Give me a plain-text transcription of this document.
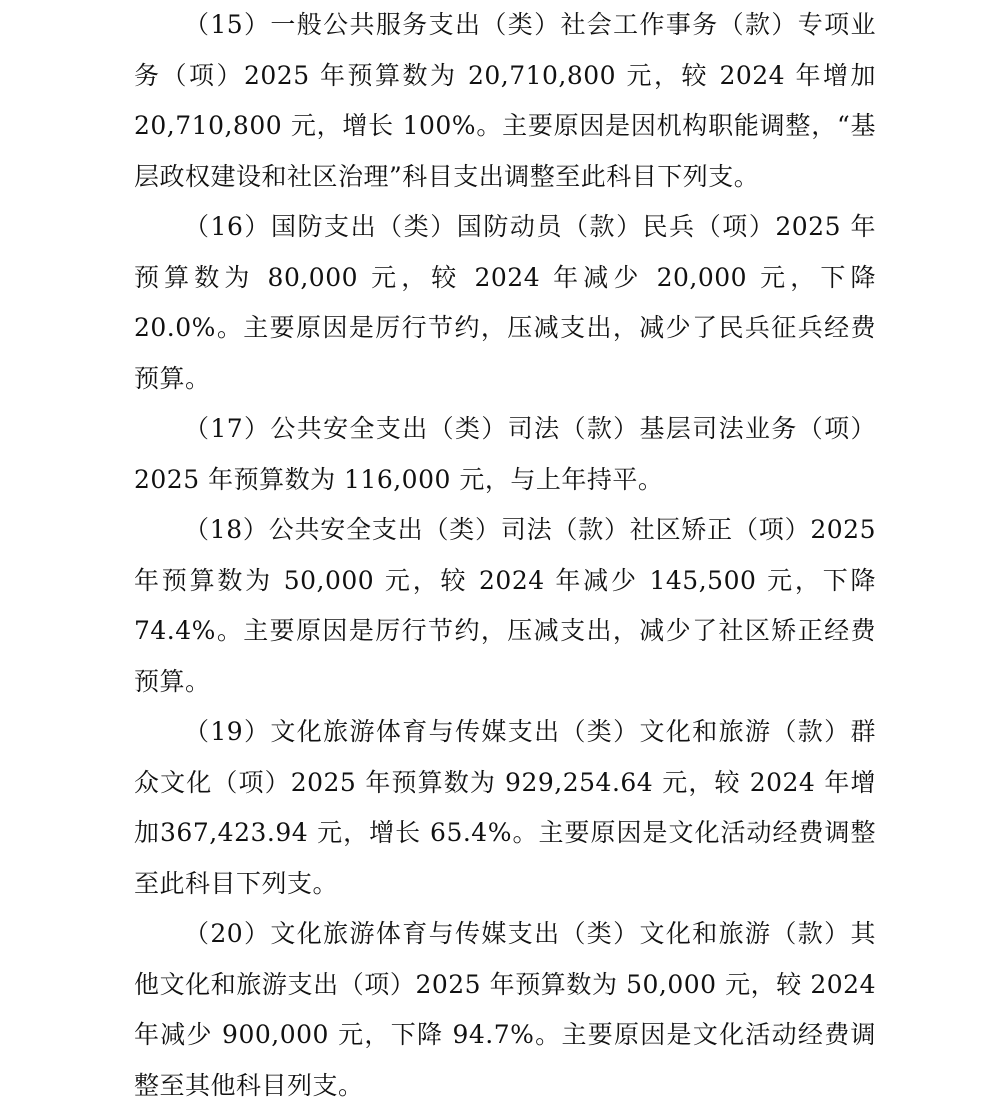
（15）一般公共服务支出（类）社会工作事务（款）专项业务（项）2025 年预算数为 20,710,800 元，较 2024 年增加20,710,800 元，增长 100%。主要原因是因机构职能调整，“基层政权建设和社区治理”科目支出调整至此科目下列支。

（16）国防支出（类）国防动员（款）民兵（项）2025 年预算数为 80,000 元，较 2024 年减少 20,000 元，下降 20.0%。主要原因是厉行节约，压减支出，减少了民兵征兵经费预算。

（17）公共安全支出（类）司法（款）基层司法业务（项）2025 年预算数为 116,000 元，与上年持平。

（18）公共安全支出（类）司法（款）社区矫正（项）2025 年预算数为 50,000 元，较 2024 年减少 145,500 元，下降74.4%。主要原因是厉行节约，压减支出，减少了社区矫正经费预算。

（19）文化旅游体育与传媒支出（类）文化和旅游（款）群众文化（项）2025 年预算数为 929,254.64 元，较 2024 年增加367,423.94 元，增长 65.4%。主要原因是文化活动经费调整至此科目下列支。

（20）文化旅游体育与传媒支出（类）文化和旅游（款）其他文化和旅游支出（项）2025 年预算数为 50,000 元，较 2024年减少 900,000 元，下降 94.7%。主要原因是文化活动经费调整至其他科目列支。
